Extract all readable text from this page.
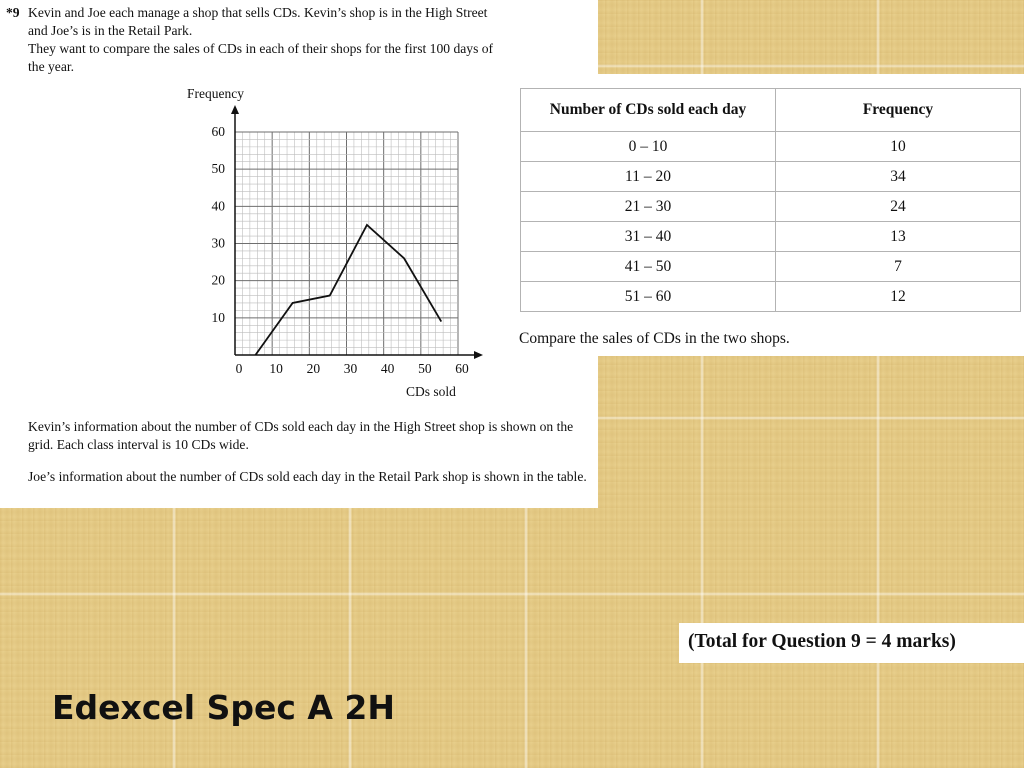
*9 Kevin and Joe each manage a shop that sells CDs. Kevin’s shop is in the High Street

and Joe’s is in the Retail Park.

They want to compare the sales of CDs in each of their shops for the first 100 days of

the year.

10
20
30
40
50
60
0 10 20 30 40 50 60
Frequency
CDs sold

Kevin’s information about the number of CDs sold each day in the High Street shop is shown on the grid. Each class interval is 10 CDs wide.

Joe’s information about the number of CDs sold each day in the Retail Park shop is shown in the table.

Number of CDs sold each day	Frequency
0 – 10	10
11 – 20	34
21 – 30	24
31 – 40	13
41 – 50	7
51 – 60	12

Compare the sales of CDs in the two shops.

(Total for Question 9 = 4 marks)

Edexcel Spec A 2H
